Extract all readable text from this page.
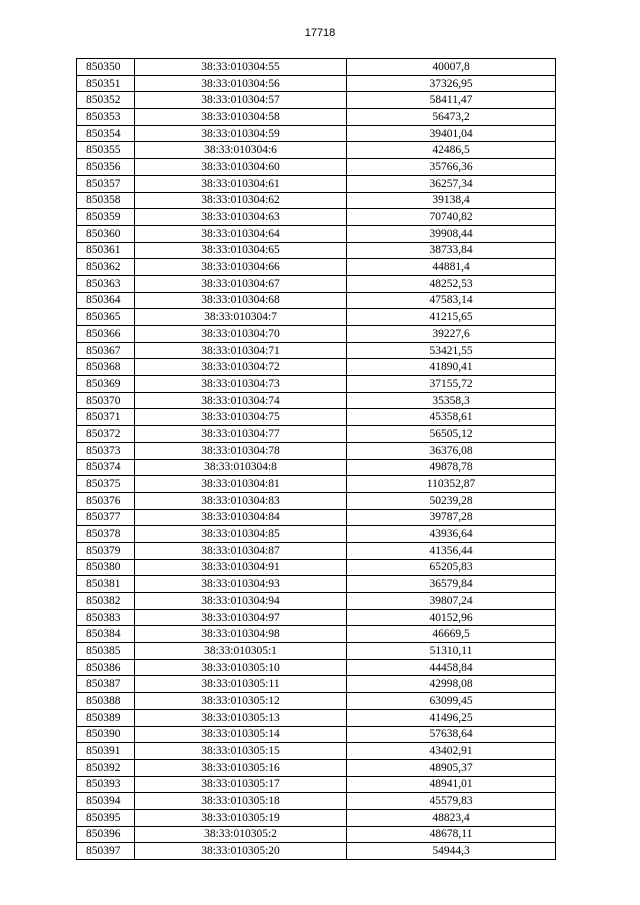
17718
850350	38:33:010304:55	40007,8
850351	38:33:010304:56	37326,95
850352	38:33:010304:57	58411,47
850353	38:33:010304:58	56473,2
850354	38:33:010304:59	39401,04
850355	38:33:010304:6	42486,5
850356	38:33:010304:60	35766,36
850357	38:33:010304:61	36257,34
850358	38:33:010304:62	39138,4
850359	38:33:010304:63	70740,82
850360	38:33:010304:64	39908,44
850361	38:33:010304:65	38733,84
850362	38:33:010304:66	44881,4
850363	38:33:010304:67	48252,53
850364	38:33:010304:68	47583,14
850365	38:33:010304:7	41215,65
850366	38:33:010304:70	39227,6
850367	38:33:010304:71	53421,55
850368	38:33:010304:72	41890,41
850369	38:33:010304:73	37155,72
850370	38:33:010304:74	35358,3
850371	38:33:010304:75	45358,61
850372	38:33:010304:77	56505,12
850373	38:33:010304:78	36376,08
850374	38:33:010304:8	49878,78
850375	38:33:010304:81	110352,87
850376	38:33:010304:83	50239,28
850377	38:33:010304:84	39787,28
850378	38:33:010304:85	43936,64
850379	38:33:010304:87	41356,44
850380	38:33:010304:91	65205,83
850381	38:33:010304:93	36579,84
850382	38:33:010304:94	39807,24
850383	38:33:010304:97	40152,96
850384	38:33:010304:98	46669,5
850385	38:33:010305:1	51310,11
850386	38:33:010305:10	44458,84
850387	38:33:010305:11	42998,08
850388	38:33:010305:12	63099,45
850389	38:33:010305:13	41496,25
850390	38:33:010305:14	57638,64
850391	38:33:010305:15	43402,91
850392	38:33:010305:16	48905,37
850393	38:33:010305:17	48941,01
850394	38:33:010305:18	45579,83
850395	38:33:010305:19	48823,4
850396	38:33:010305:2	48678,11
850397	38:33:010305:20	54944,3
